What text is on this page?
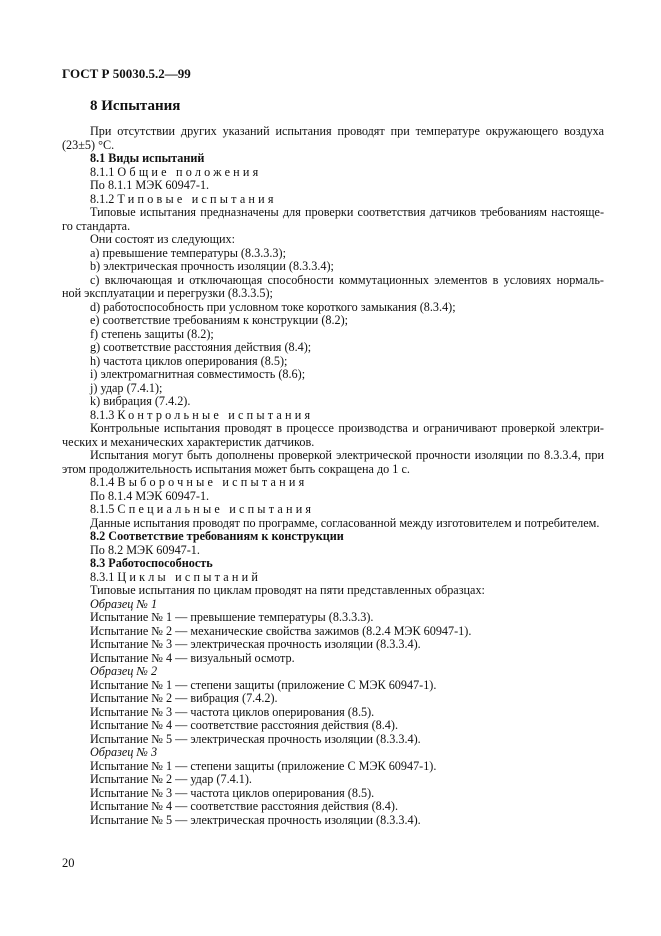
ГОСТ Р 50030.5.2—99
8 Испытания
При отсутствии других указаний испытания проводят при температуре окружающего воздуха
(23±5) °С.
8.1 Виды испытаний
8.1.1 Общие положения
По 8.1.1 МЭК 60947-1.
8.1.2 Типовые испытания
Типовые испытания предназначены для проверки соответствия датчиков требованиям настояще-
го стандарта.
Они состоят из следующих:
a) превышение температуры (8.3.3.3);
b) электрическая прочность изоляции (8.3.3.4);
c) включающая и отключающая способности коммутационных элементов в условиях нормаль-
ной эксплуатации и перегрузки (8.3.3.5);
d) работоспособность при условном токе короткого замыкания (8.3.4);
e) соответствие требованиям к конструкции (8.2);
f) степень защиты (8.2);
g) соответствие расстояния действия (8.4);
h) частота циклов оперирования (8.5);
i) электромагнитная совместимость (8.6);
j) удар (7.4.1);
k) вибрация (7.4.2).
8.1.3 Контрольные испытания
Контрольные испытания проводят в процессе производства и ограничивают проверкой электри-
ческих и механических характеристик датчиков.
Испытания могут быть дополнены проверкой электрической прочности изоляции по 8.3.3.4, при
этом продолжительность испытания может быть сокращена до 1 с.
8.1.4 Выборочные испытания
По 8.1.4 МЭК 60947-1.
8.1.5 Специальные испытания
Данные испытания проводят по программе, согласованной между изготовителем и потребителем.
8.2 Соответствие требованиям к конструкции
По 8.2 МЭК 60947-1.
8.3 Работоспособность
8.3.1 Циклы испытаний
Типовые испытания по циклам проводят на пяти представленных образцах:
Образец № 1
Испытание № 1 — превышение температуры (8.3.3.3).
Испытание № 2 — механические свойства зажимов (8.2.4 МЭК 60947-1).
Испытание № 3 — электрическая прочность изоляции (8.3.3.4).
Испытание № 4 — визуальный осмотр.
Образец № 2
Испытание № 1 — степени защиты (приложение С МЭК 60947-1).
Испытание № 2 — вибрация (7.4.2).
Испытание № 3 — частота циклов оперирования (8.5).
Испытание № 4 — соответствие расстояния действия (8.4).
Испытание № 5 — электрическая прочность изоляции (8.3.3.4).
Образец № 3
Испытание № 1 — степени защиты (приложение С МЭК 60947-1).
Испытание № 2 — удар (7.4.1).
Испытание № 3 — частота циклов оперирования (8.5).
Испытание № 4 — соответствие расстояния действия (8.4).
Испытание № 5 — электрическая прочность изоляции (8.3.3.4).
20
